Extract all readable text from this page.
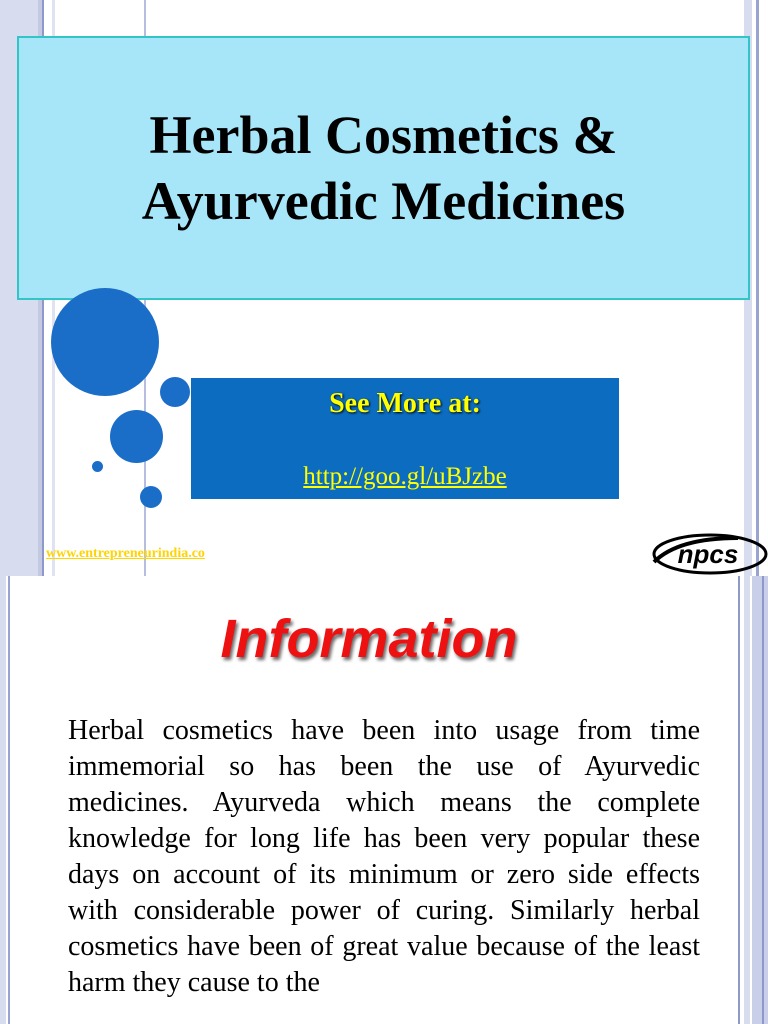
Herbal Cosmetics &
Ayurvedic Medicines
See More at:
http://goo.gl/uBJzbe
www.entrepreneurindia.co	npcs
Information
Herbal cosmetics have been into usage from time immemorial so has been the use of Ayurvedic medicines. Ayurveda which means the complete knowledge for long life has been very popular these days on account of its minimum or zero side effects with considerable power of curing. Similarly herbal cosmetics have been of great value because of the least harm they cause to the
